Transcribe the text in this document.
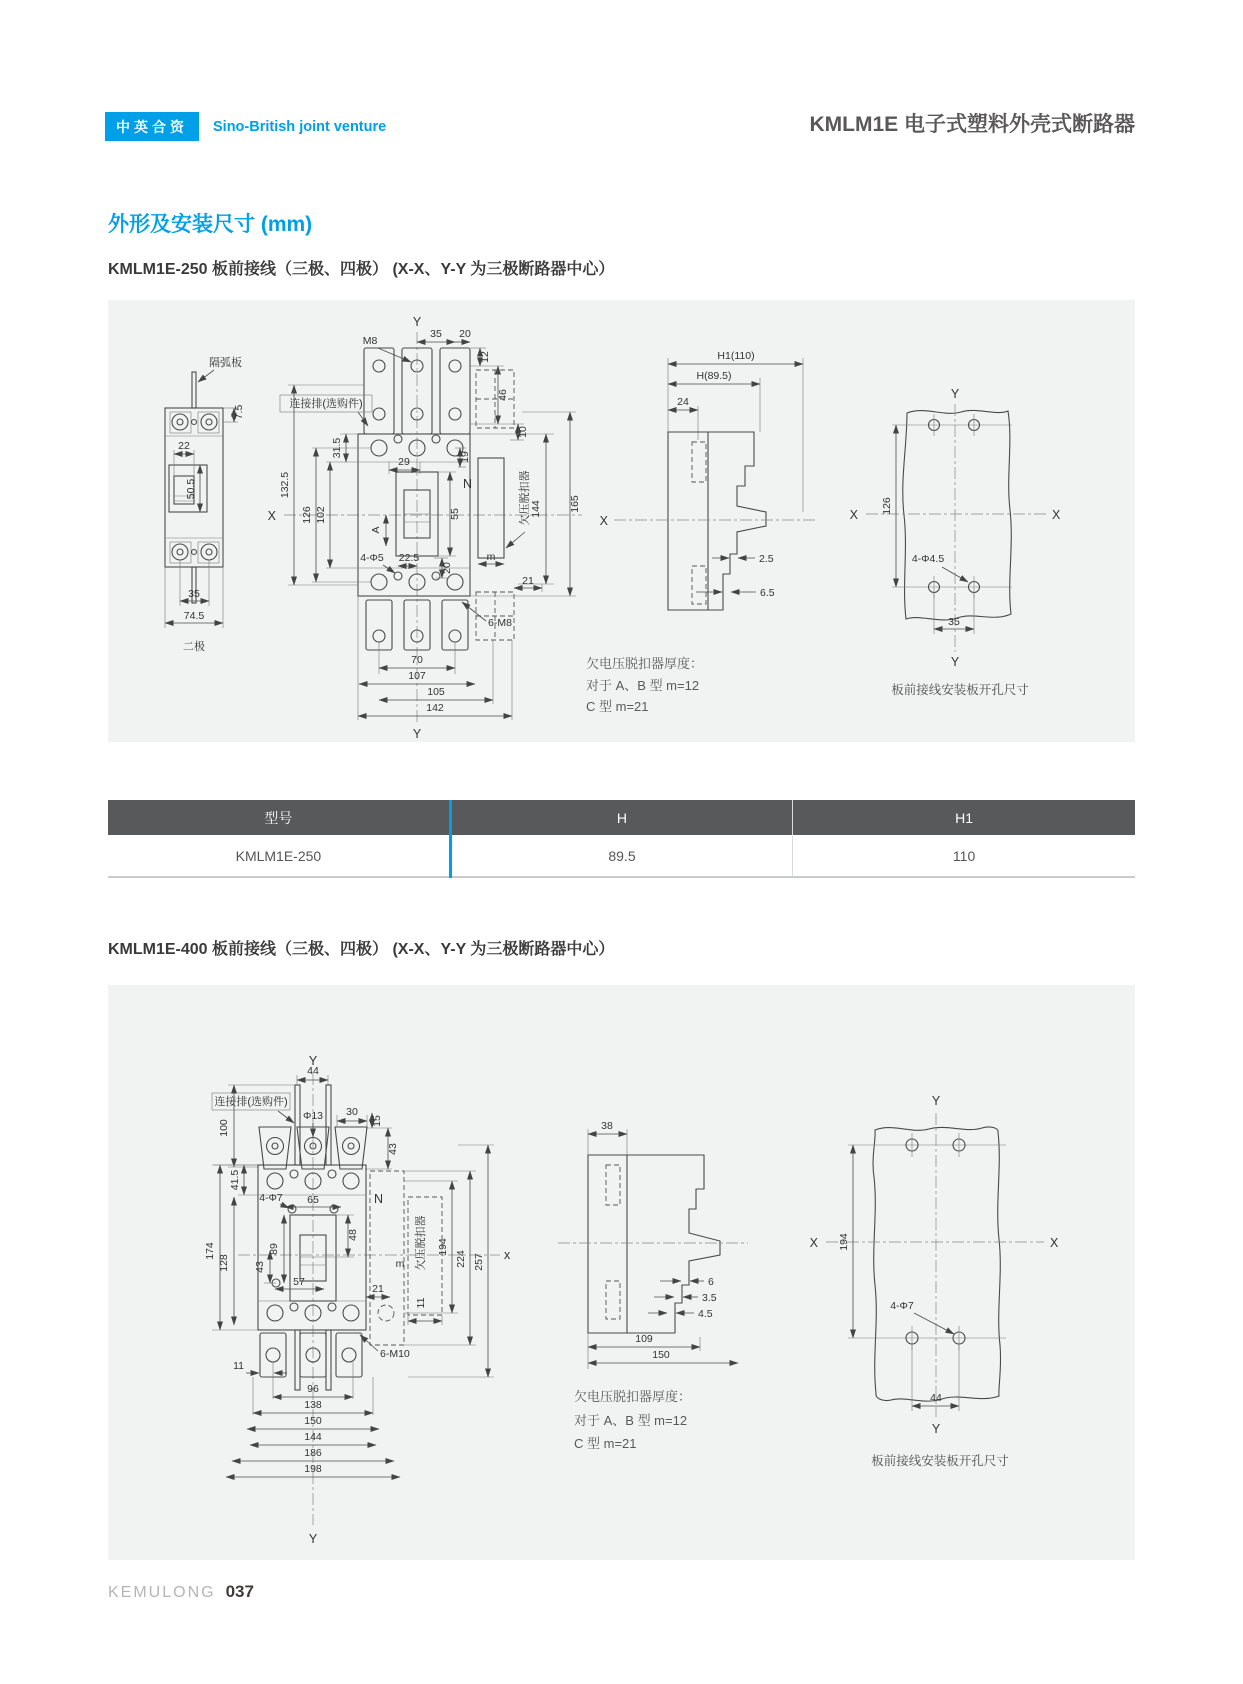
中英合资	Sino-British joint venture	KMLM1E 电子式塑料外壳式断路器
外形及安装尺寸 (mm)
KMLM1E-250 板前接线（三极、四极） (X-X、Y-Y 为三极断路器中心）
隔弧板
7.5
22
50.5
35
74.5
二极
Y
X
M8
35 20
12
46
10
连接排(选购件)
132.5
31.5
102
126
29	19
55
A
4-Φ5 22.5
20
N
m
欠压脱扣器 144	165
21
6-M8
70
107
105
142
Y
H1(110)
H(89.5)
24
X
2.5
6.5
Y
Y
X	X
126
4-Φ4.5
35
板前接线安装板开孔尺寸
欠电压脱扣器厚度：
对于 A、B 型 m=12
C 型 m=21
型号	H	H1
KMLM1E-250	89.5	110
KMLM1E-400 板前接线（三极、四极） (X-X、Y-Y 为三极断路器中心）
Y
x
44
连接排(选购件)
100
Φ13 30
15
43
41.5
4-Φ7 65	N
48
89
43
57
174
128	欠压脱扣器
11
m
21
194
224 257
6-M10
11
96
138
150
144
186
198
Y
38
6
3.5
4.5
109
150
Y
X	X
194
4-Φ7
44
Y
板前接线安装板开孔尺寸
欠电压脱扣器厚度：
对于 A、B 型 m=12
C 型 m=21
KEMULONG 037
